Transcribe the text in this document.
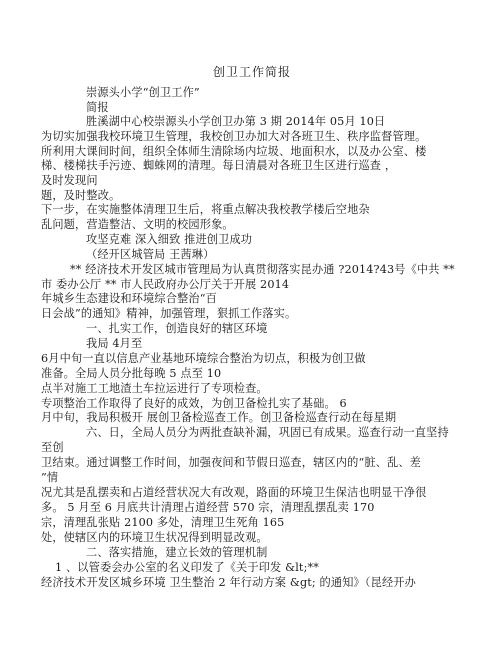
创卫工作简报
崇源头小学“创卫工作”
简报
胜溪湖中心校崇源头小学创卫办第 3 期 2014年 05月 10日
为切实加强我校环境卫生管理，我校创卫办加大对各班卫生、秩序监督管理。
所利用大课间时间，组织全体师生清除场内垃圾、地面积水，以及办公室、楼
梯、楼梯扶手污迹、蜘蛛网的清理。每日清晨对各班卫生区进行巡查 ，
及时发现问
题，及时整改。
下一步，在实施整体清理卫生后，将重点解决我校教学楼后空地杂
乱问题，营造整洁、文明的校园形象。
攻坚克难 深入细致 推进创卫成功
（经开区城管局 王茜琳）
** 经济技术开发区城市管理局为认真贯彻落实昆办通 ?2014?43号《中共 **
市 委办公厅 ** 市人民政府办公厅关于开展 2014
年城乡生态建设和环境综合整治“百
日会战”的通知》精神，加强管理，狠抓工作落实。
一、扎实工作，创造良好的辖区环境
我局 4月至
6月中旬一直以信息产业基地环境综合整治为切点，积极为创卫做
准备。全局人员分批每晚 5 点至 10
点半对施工工地渣土车拉运进行了专项检查。
专项整治工作取得了良好的成效，为创卫备检扎实了基础。 6
月中旬，我局积极开 展创卫备检巡查工作。创卫备检巡查行动在每星期
六、日，全局人员分为两批查缺补漏，巩固已有成果。巡查行动一直坚持
至创
卫结束。通过调整工作时间，加强夜间和节假日巡查，辖区内的“脏、乱、差
”情
况尤其是乱摆卖和占道经营状况大有改观，路面的环境卫生保洁也明显干净很
多。 5 月至 6 月底共计清理占道经营 570 宗，清理乱摆乱卖 170
宗，清理乱张贴 2100 多处，清理卫生死角 165
处，使辖区内的环境卫生状况得到明显改观。
二、落实措施，建立长效的管理机制
1 、以管委会办公室的名义印发了《关于印发 &lt;**
经济技术开发区城乡环境 卫生整治 2 年行动方案 &gt; 的通知》（昆经开办
